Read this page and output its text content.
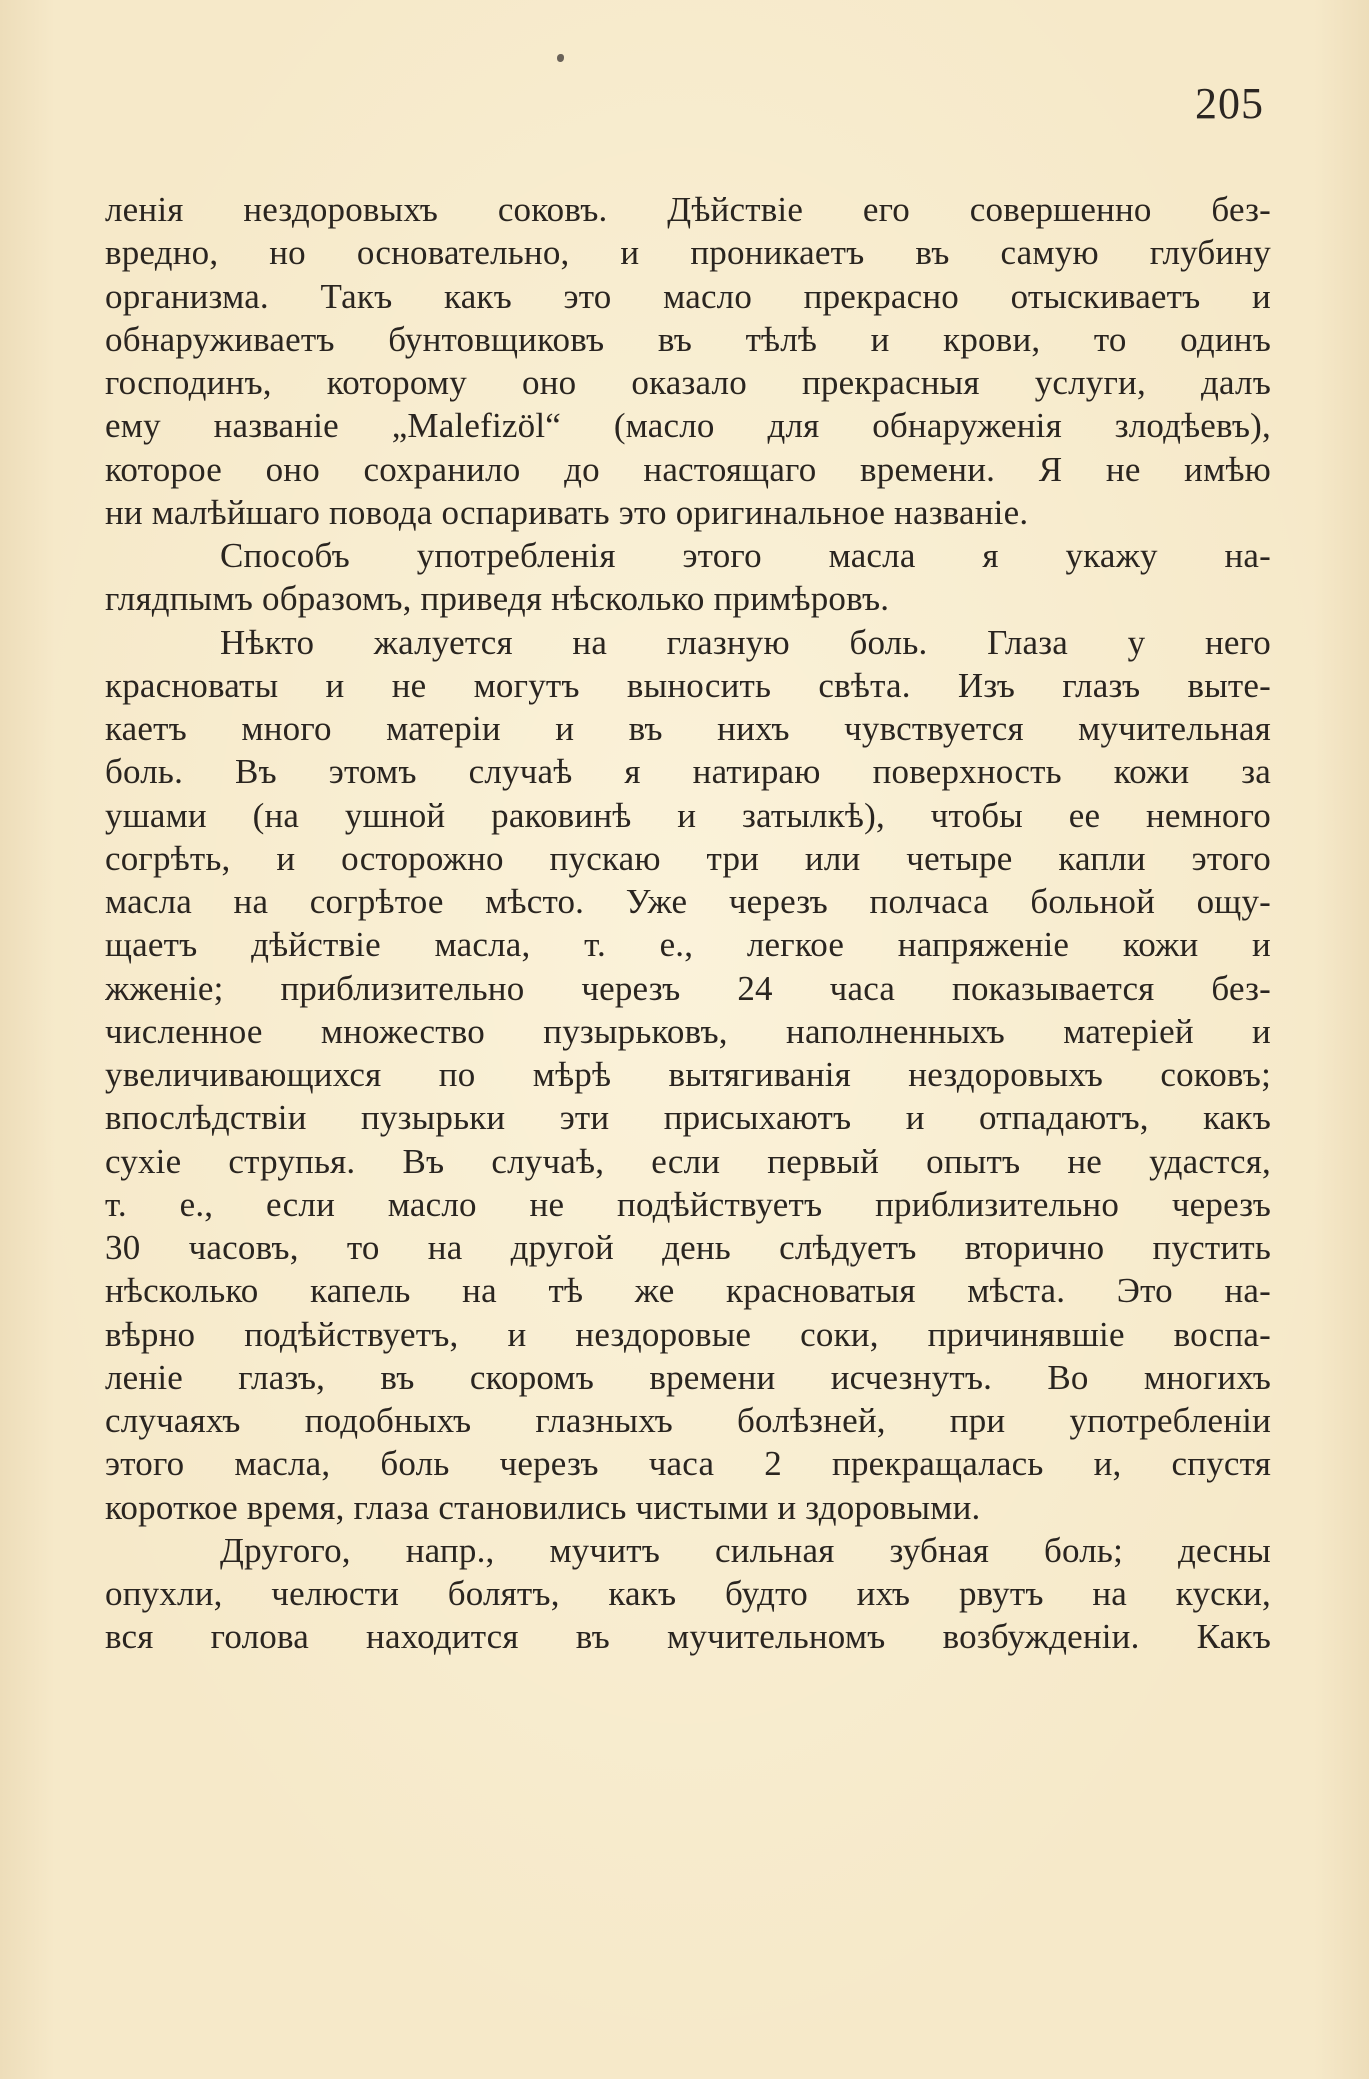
205
ленія нездоровыхъ соковъ. Дѣйствіе его совершенно без-
вредно, но основательно, и проникаетъ въ самую глубину
организма. Такъ какъ это масло прекрасно отыскиваетъ и
обнаруживаетъ бунтовщиковъ въ тѣлѣ и крови, то одинъ
господинъ, которому оно оказало прекрасныя услуги, далъ
ему названіе „Malefizöl“ (масло для обнаруженія злодѣевъ),
которое оно сохранило до настоящаго времени. Я не имѣю
ни малѣйшаго повода оспаривать это оригинальное названіе.
Способъ употребленія этого масла я укажу на-
глядпымъ образомъ, приведя нѣсколько примѣровъ.
Нѣкто жалуется на глазную боль. Глаза у него
красноваты и не могутъ выносить свѣта. Изъ глазъ выте-
каетъ много матеріи и въ нихъ чувствуется мучительная
боль. Въ этомъ случаѣ я натираю поверхность кожи за
ушами (на ушной раковинѣ и затылкѣ), чтобы ее немного
согрѣть, и осторожно пускаю три или четыре капли этого
масла на согрѣтое мѣсто. Уже черезъ полчаса больной ощу-
щаетъ дѣйствіе масла, т. е., легкое напряженіе кожи и
жженіе; приблизительно черезъ 24 часа показывается без-
численное множество пузырьковъ, наполненныхъ матеріей и
увеличивающихся по мѣрѣ вытягиванія нездоровыхъ соковъ;
впослѣдствіи пузырьки эти присыхаютъ и отпадаютъ, какъ
сухіе струпья. Въ случаѣ, если первый опытъ не удастся,
т. е., если масло не подѣйствуетъ приблизительно черезъ
30 часовъ, то на другой день слѣдуетъ вторично пустить
нѣсколько капель на тѣ же красноватыя мѣста. Это на-
вѣрно подѣйствуетъ, и нездоровые соки, причинявшіе воспа-
леніе глазъ, въ скоромъ времени исчезнутъ. Во многихъ
случаяхъ подобныхъ глазныхъ болѣзней, при употребленіи
этого масла, боль черезъ часа 2 прекращалась и, спустя
короткое время, глаза становились чистыми и здоровыми.
Другого, напр., мучитъ сильная зубная боль; десны
опухли, челюсти болятъ, какъ будто ихъ рвутъ на куски,
вся голова находится въ мучительномъ возбужденіи. Какъ
